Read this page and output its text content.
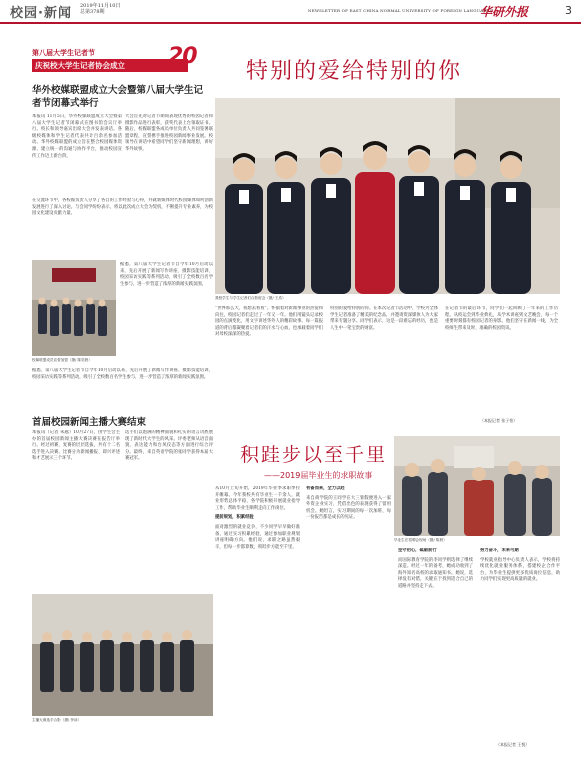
校园·新闻 2019年11月10日
总第378期	NEWSLETTER OF EAST CHINA NORMAL UNIVERSITY OF FOREIGN LANGUAGES
华研外报	3
第八届大学生记者节
庆祝校大学生记者协会成立	20
华外校媒联盟成立大会暨第八届大学生记者节闭幕式举行
本报讯 11月5日，华外校媒联盟成立大会暨第八届大学生记者节闭幕式在图书馆会议厅举行。校长和领导嘉宾出席大会并发表讲话。各级校媒体和学生记者代表共计百余名参加活动。华外校媒联盟的成立旨在整合校园媒体资源，建立统一的沟通与协作平台，推动校园宣传工作迈上新台阶。
大会首先对记者节期间表现优秀的校园记者和摄影作品进行表彰，获奖代表上台领取证书。随后，校媒联盟各成员单位负责人共同签署联盟章程，宣誓携手推进校园新闻事业发展。校领导在讲话中希望同学们坚守新闻理想，讲好华外故事。
在交流环节中，各校媒负责人分享了各自的工作经验与心得，并就新媒体时代校园媒体如何创新发展进行了深入讨论。与会同学纷纷表示，将以此次成立大会为契机，不断提升专业素养，为校园文化建设贡献力量。
校媒联盟成员宣誓加盟（摄/ 陈奕晨）
据悉，第八届大学生记者节自今年10月启动以来，先后开展了新闻写作讲座、摄影技能培训、校园采访实践等系列活动，吸引了全校数百名学生参与，进一步营造了浓厚的新闻实践氛围。
据悉，第八届大学生记者节自今年10月启动以来，先后开展了新闻写作讲座、摄影技能培训、校园采访实践等系列活动，吸引了全校数百名学生参与，进一步营造了浓厚的新闻实践氛围。
首届校园新闻主播大赛结束
本报讯（记者 朱越）10月27日，由学生会主办的首届校园新闻主播大赛决赛在报告厅举行。经过初赛、复赛的层层选拔，共有十二名选手进入决赛。比赛分为新闻播报、即兴评述和才艺展示三个环节。
选手们以饱满的精神面貌和扎实的语言功底展现了新时代大学生的风采。评委老师从语音面貌、表达能力和台风仪态等方面进行综合评分。最终，来自英语学院的张同学获得本届大赛冠军。
主播大赛选手合影（摄/ 李沫）
特别的爱给特别的你
我校学生与学生记者们合影留念（摄/ 王浩）
“世界那么大，我想去看看”。怀揣着对新闻事业的热爱和向往，校园记者们走过了一年又一年。他们用镜头记录校园的点滴变化，用文字讲述华外人的精彩故事。每一篇报道的背后都凝聚着记者们的汗水与心血，也承载着同学们对母校深深的热爱。
特别的爱给特别的你。在本次记者节活动中，学校为全体学生记者准备了精美的纪念品，并邀请资深媒体人为大家带来专题分享。同学们表示，这是一段难忘的经历，也是人生中一笔宝贵的财富。
在记者节的最后环节，同学们一起回顾了一年来的工作历程。从校运会到毕业典礼，从学术讲座到文艺晚会，每一个重要时刻都有校园记者的身影。他们坚守在新闻一线，为全校师生带来及时、准确的校园资讯。
（本报记者 张子怡）
积跬步以至千里
——2019届毕业生的求职故事
毕业生在招聘会现场（摄/ 陈晨）
从10月上旬开始，2019年毕业季求职季拉开帷幕。今年我校共有毕业生一千余人，就业形势总体平稳，各学院积极开展就业指导工作，帮助毕业生顺利走向工作岗位。
提前规划，积累经验
面对激烈的就业竞争，不少同学早早做好准备，通过实习积累经验，通过参加职业规划讲座明确方向。他们说，求职之路虽然艰辛，但每一步都算数，积跬步方能至千里。
有备而来，全力以赴
来自商学院的王同学在大三暑假便进入一家外资企业实习，凭借出色的表现获得了留用机会。她坦言，实习期间的每一次加班、每一份报告都是成长的见证。
坚守初心，砥砺前行
而国际教育学院的李同学则选择了继续深造。经过一年的备考，她成功收到了海外知名高校的录取通知书。她说，选择没有对错，关键在于找到适合自己的道路并坚持走下去。
努力奋斗，未来可期
学校就业指导中心负责人表示，学校将持续优化就业服务体系，搭建校企合作平台，为毕业生提供更多优质岗位信息，助力同学们实现更高质量的就业。
（本报记者 王悦）
